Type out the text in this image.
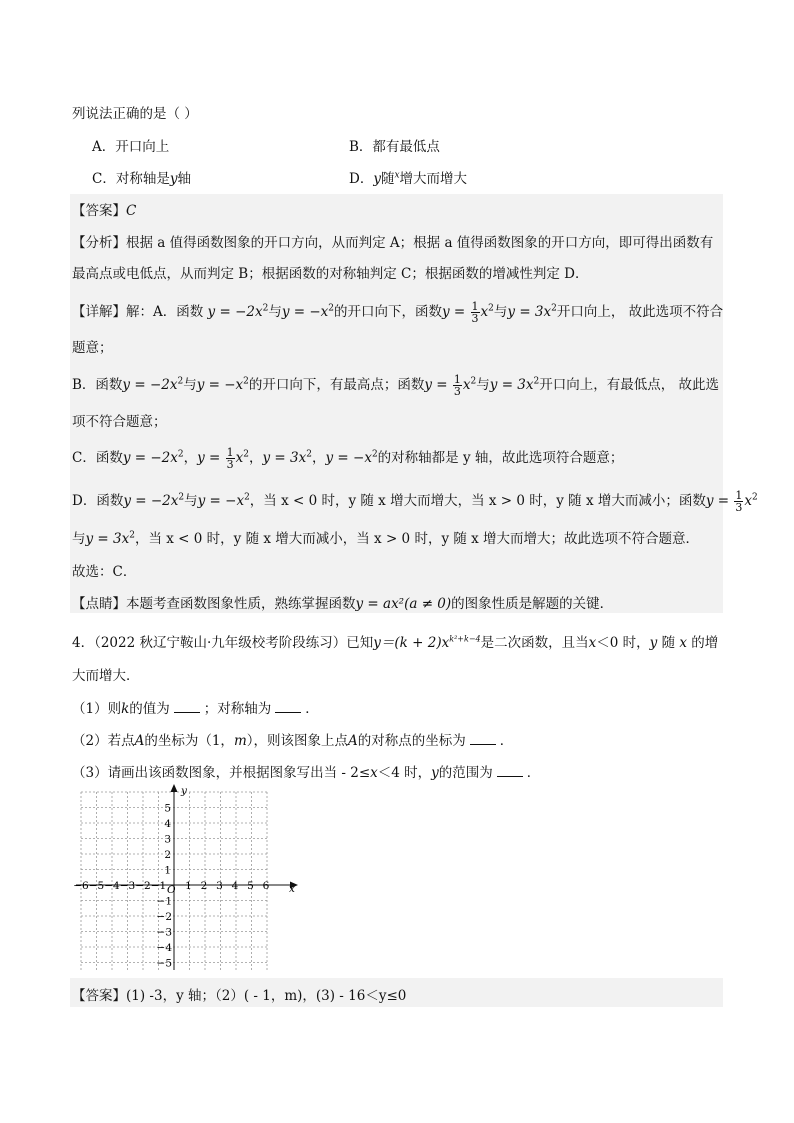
列说法正确的是（ ）
A．开口向上	B．都有最低点
C．对称轴是y轴	D．y随$^x$增大而增大
【答案】C
【分析】根据 a 值得函数图象的开口方向，从而判定 A；根据 a 值得函数图象的开口方向，即可得出函数有
最高点或电低点，从而判定 B；根据函数的对称轴判定 C；根据函数的增减性判定 D．
【详解】解：A．函数 $y = -2x^2$与$y = -x^2$的开口向下，函数$y = \frac{1}{3} x^2$与$y = 3x^2$开口向上， 故此选项不符合
题意；
B．函数$y = -2x^2$与$y = -x^2$的开口向下，有最高点；函数$y = \frac{1}{3} x^2$与$y = 3x^2$开口向上，有最低点， 故此选
项不符合题意；
C．函数$y = -2x^2$，$y = \frac{1}{3} x^2$，$y = 3x^2$，$y = -x^2$的对称轴都是 y 轴，故此选项符合题意；
D．函数$y = -2x^2$与$y = -x^2$，当 x < 0 时，y 随 x 增大而增大，当 x > 0 时，y 随 x 增大而减小；函数$y = \frac{1}{3} x^2$
与$y = 3x^2$，当 x < 0 时，y 随 x 增大而减小，当 x > 0 时，y 随 x 增大而增大；故此选项不符合题意．
故选：C．
【点睛】本题考查函数图象性质，熟练掌握函数y = ax²(a ≠ 0)的图象性质是解题的关键．
4．（2022 秋辽宁鞍山·九年级校考阶段练习）已知$y=(k + 2)x^{k^2+k-4}$是二次函数，且当x＜0 时，y 随 x 的增
大而增大．
（1）则k的值为	；对称轴为	．
（2）若点A的坐标为（1，m），则该图象上点A的对称点的坐标为	．
（3）请画出该函数图象，并根据图象写出当 - 2≤x＜4 时，y的范围为	．
x
y
O
−6 −5 −4 −3 −2 −1 1 2 3 4 5 6
5
4
3
2
1
−1
−2
−3
−4
−5
【答案】(1) -3，y 轴；（2）( - 1，m)，(3) - 16＜y≤0
